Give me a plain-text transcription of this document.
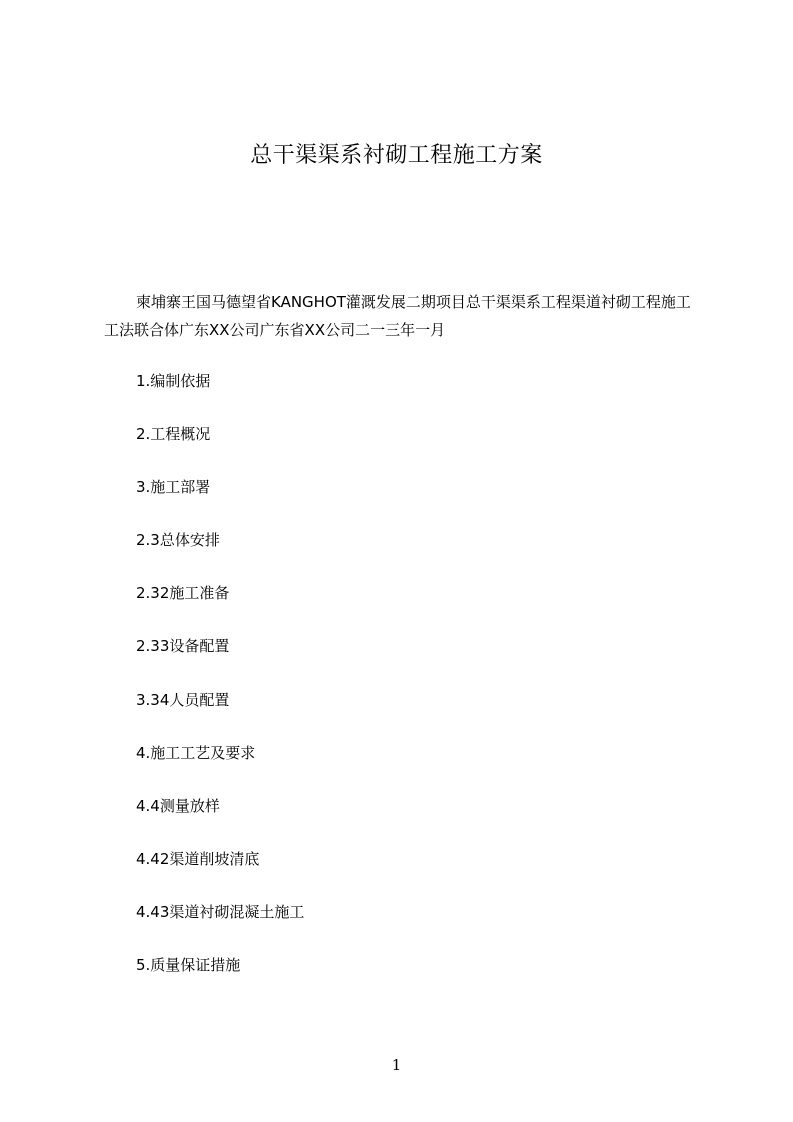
总干渠渠系衬砌工程施工方案
柬埔寨王国马德望省KANGHOT灌溉发展二期项目总干渠渠系工程渠道衬砌工程施工工法联合体广东XX公司广东省XX公司二一三年一月
1.编制依据
2.工程概况
3.施工部署
2.3总体安排
2.32施工准备
2.33设备配置
3.34人员配置
4.施工工艺及要求
4.4测量放样
4.42渠道削坡清底
4.43渠道衬砌混凝土施工
5.质量保证措施
1
